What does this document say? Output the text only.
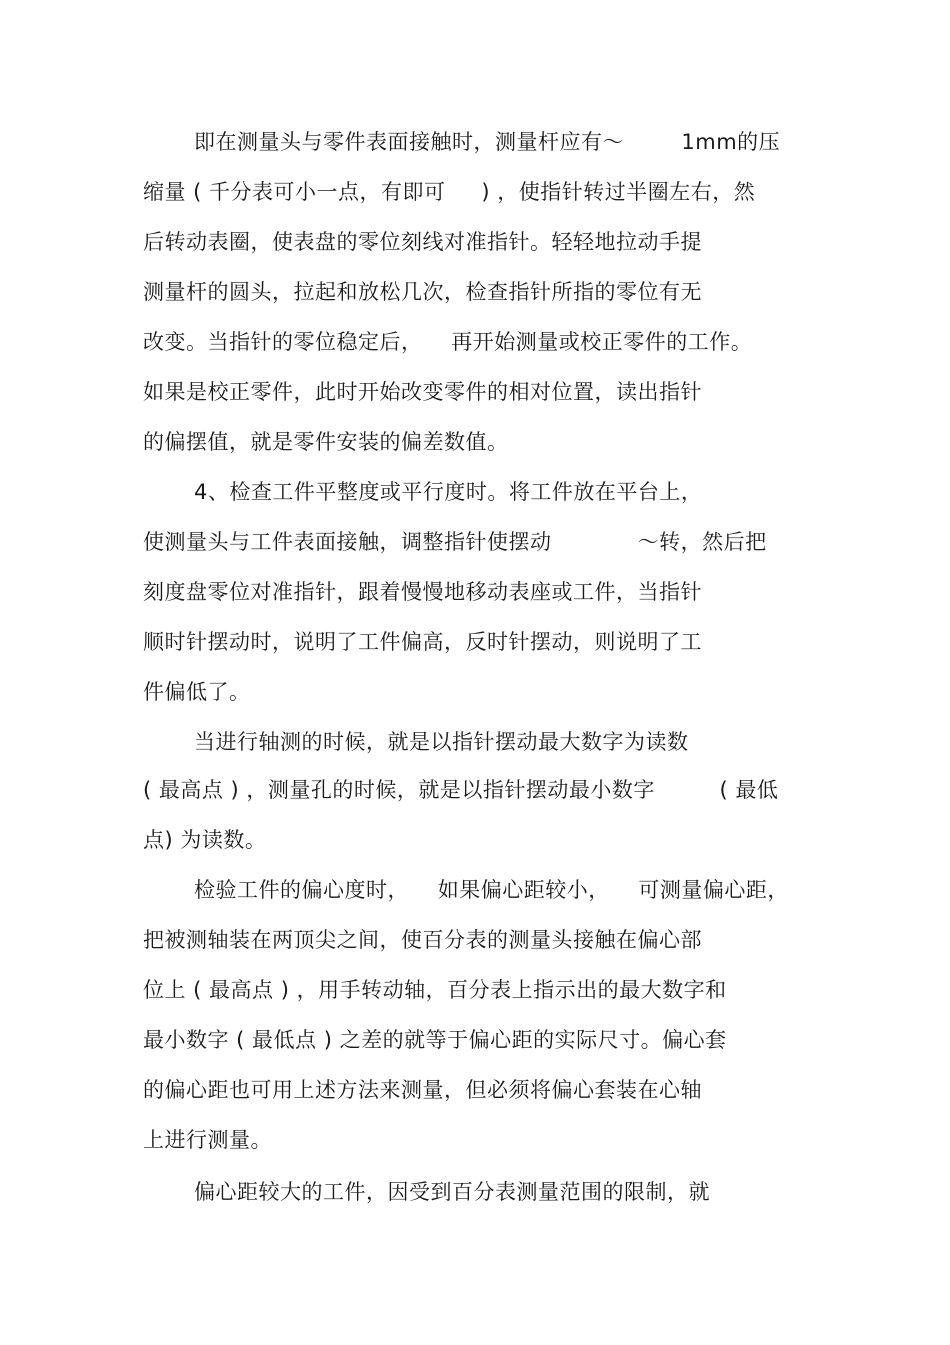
即在测量头与零件表面接触时，测量杆应有～        1mm的压
缩量 ( 千分表可小一点，有即可     ) ，使指针转过半圈左右，然
后转动表圈，使表盘的零位刻线对准指针。轻轻地拉动手提
测量杆的圆头，拉起和放松几次，检查指针所指的零位有无
改变。当指针的零位稳定后，    再开始测量或校正零件的工作。
如果是校正零件，此时开始改变零件的相对位置，读出指针
的偏摆值，就是零件安装的偏差数值。
4、检查工件平整度或平行度时。将工件放在平台上，
使测量头与工件表面接触，调整指针使摆动            ～转，然后把
刻度盘零位对准指针，跟着慢慢地移动表座或工件，当指针
顺时针摆动时，说明了工件偏高，反时针摆动，则说明了工
件偏低了。
当进行轴测的时候，就是以指针摆动最大数字为读数
( 最高点 ) ，测量孔的时候，就是以指针摆动最小数字         ( 最低
点) 为读数。
检验工件的偏心度时，    如果偏心距较小，    可测量偏心距，
把被测轴装在两顶尖之间，使百分表的测量头接触在偏心部
位上 ( 最高点 ) ，用手转动轴，百分表上指示出的最大数字和
最小数字 ( 最低点 ) 之差的就等于偏心距的实际尺寸。偏心套
的偏心距也可用上述方法来测量，但必须将偏心套装在心轴
上进行测量。
偏心距较大的工件，因受到百分表测量范围的限制，就
